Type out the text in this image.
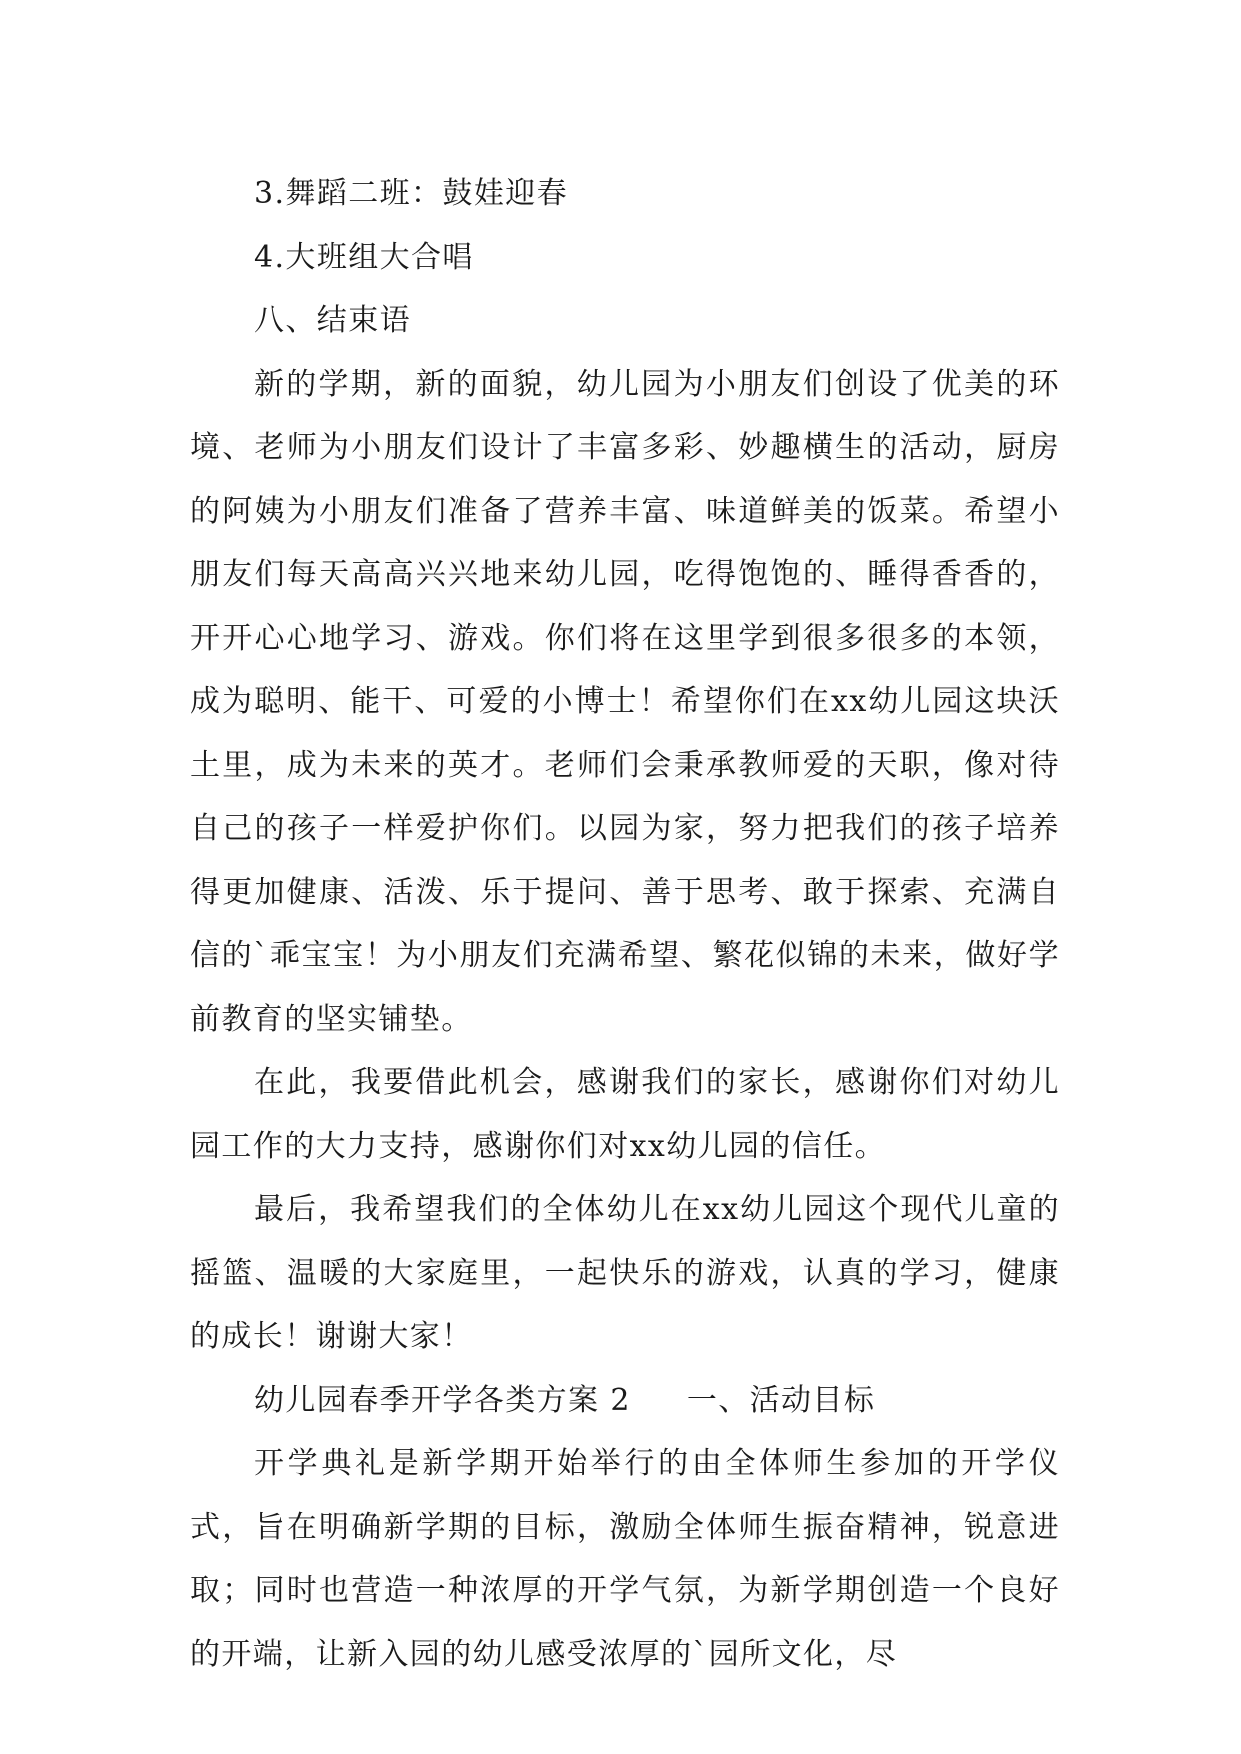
3.舞蹈二班：鼓娃迎春

4.大班组大合唱

八、结束语

新的学期，新的面貌，幼儿园为小朋友们创设了优美的环境、老师为小朋友们设计了丰富多彩、妙趣横生的活动，厨房的阿姨为小朋友们准备了营养丰富、味道鲜美的饭菜。希望小朋友们每天高高兴兴地来幼儿园，吃得饱饱的、睡得香香的，开开心心地学习、游戏。你们将在这里学到很多很多的本领，成为聪明、能干、可爱的小博士！希望你们在xx幼儿园这块沃土里，成为未来的英才。老师们会秉承教师爱的天职，像对待自己的孩子一样爱护你们。以园为家，努力把我们的孩子培养得更加健康、活泼、乐于提问、善于思考、敢于探索、充满自信的`乖宝宝！为小朋友们充满希望、繁花似锦的未来，做好学前教育的坚实铺垫。

在此，我要借此机会，感谢我们的家长，感谢你们对幼儿园工作的大力支持，感谢你们对xx幼儿园的信任。

最后，我希望我们的全体幼儿在xx幼儿园这个现代儿童的摇篮、温暖的大家庭里，一起快乐的游戏，认真的学习，健康的成长！谢谢大家！

幼儿园春季开学各类方案 2 一、活动目标

开学典礼是新学期开始举行的由全体师生参加的开学仪式，旨在明确新学期的目标，激励全体师生振奋精神，锐意进取；同时也营造一种浓厚的开学气氛，为新学期创造一个良好的开端，让新入园的幼儿感受浓厚的`园所文化，尽
